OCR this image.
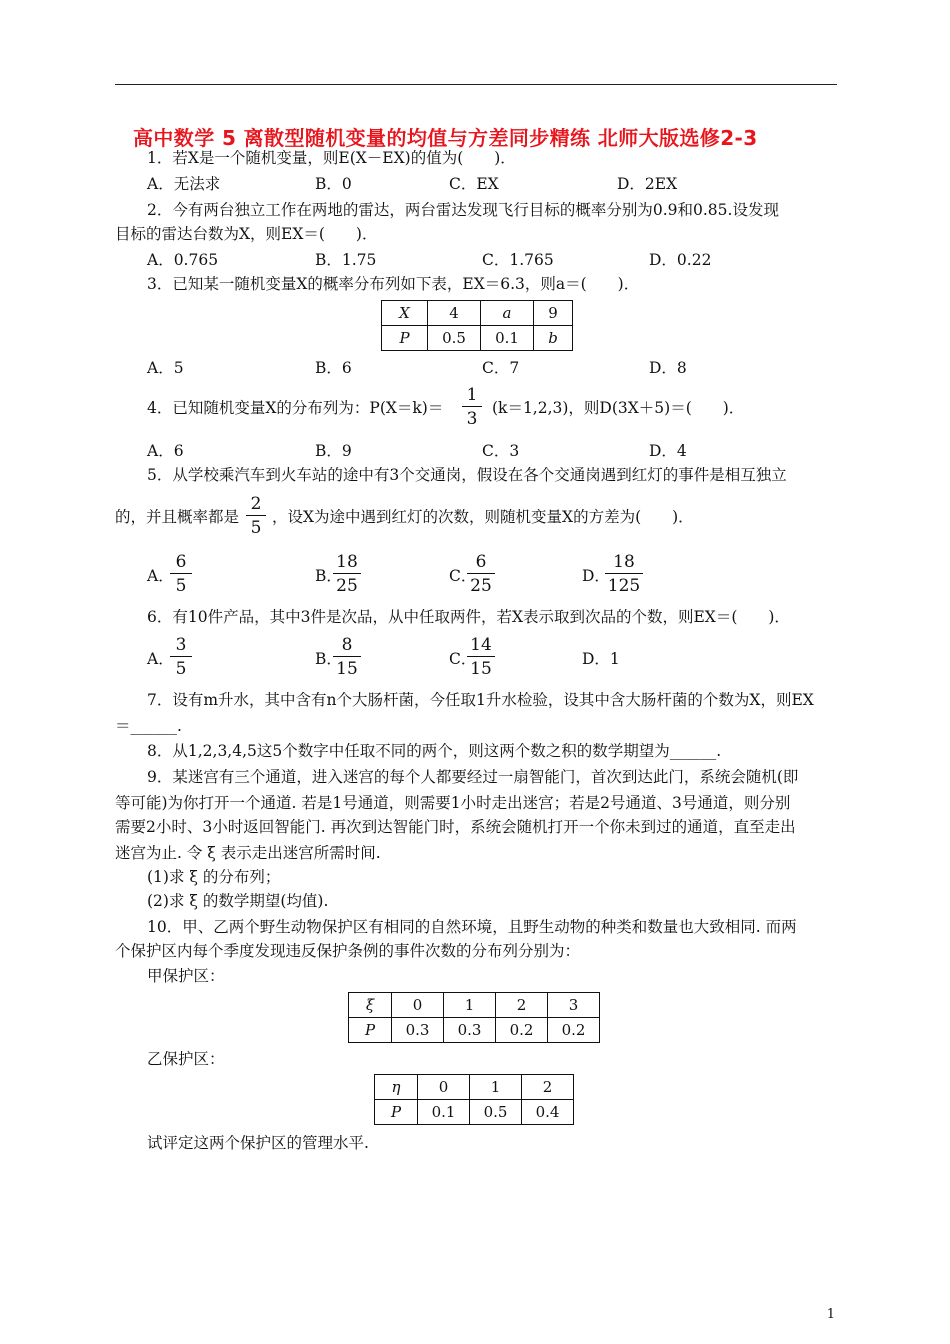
高中数学 5 离散型随机变量的均值与方差同步精练 北师大版选修2-3
1．若X是一个随机变量，则E(X－EX)的值为(　　)．
A．无法求	B．0	C．EX	D．2EX
2．今有两台独立工作在两地的雷达，两台雷达发现飞行目标的概率分别为0.9和0.85.设发现
目标的雷达台数为X，则EX＝(　　)．
A．0.765	B．1.75	C．1.765	D．0.22
3．已知某一随机变量X的概率分布列如下表，EX＝6.3，则a＝(　　)．
X	4	a	9
P	0.5	0.1	b
A．5	B．6	C．7	D．8
4．已知随机变量X的分布列为：$P(X=k)= \frac{1}{3} (k=1,2,3)$，则D(3X＋5)＝(　　)．
A．6	B．9	C．3	D．4
5．从学校乘汽车到火车站的途中有3个交通岗，假设在各个交通岗遇到红灯的事件是相互独立
的，并且概率都是 $\frac{2}{5}$ ，设X为途中遇到红灯的次数，则随机变量X的方差为(　　)．
A．
$\frac{6}{5}$	B．
$\frac{18}{25}$	C．
$\frac{6}{25}$	D．
$\frac{18}{125}$
6．有10件产品，其中3件是次品，从中任取两件，若X表示取到次品的个数，则EX＝(　　)．
A．
$\frac{3}{5}$	B．
$\frac{8}{15}$	C．
$\frac{14}{15}$	D．1
7．设有m升水，其中含有n个大肠杆菌，今任取1升水检验，设其中含大肠杆菌的个数为X，则EX
＝______.
8．从1,2,3,4,5这5个数字中任取不同的两个，则这两个数之积的数学期望为______.
9．某迷宫有三个通道，进入迷宫的每个人都要经过一扇智能门，首次到达此门，系统会随机(即
等可能)为你打开一个通道. 若是1号通道，则需要1小时走出迷宫；若是2号通道、3号通道，则分别
需要2小时、3小时返回智能门. 再次到达智能门时，系统会随机打开一个你未到过的通道，直至走出
迷宫为止. 令 ξ 表示走出迷宫所需时间.
(1)求 ξ 的分布列；
(2)求 ξ 的数学期望(均值).
10．甲、乙两个野生动物保护区有相同的自然环境，且野生动物的种类和数量也大致相同. 而两
个保护区内每个季度发现违反保护条例的事件次数的分布列分别为：
甲保护区：
ξ	0	1	2	3
P	0.3	0.3	0.2	0.2
乙保护区：
η	0	1	2
P	0.1	0.5	0.4
试评定这两个保护区的管理水平.
1
